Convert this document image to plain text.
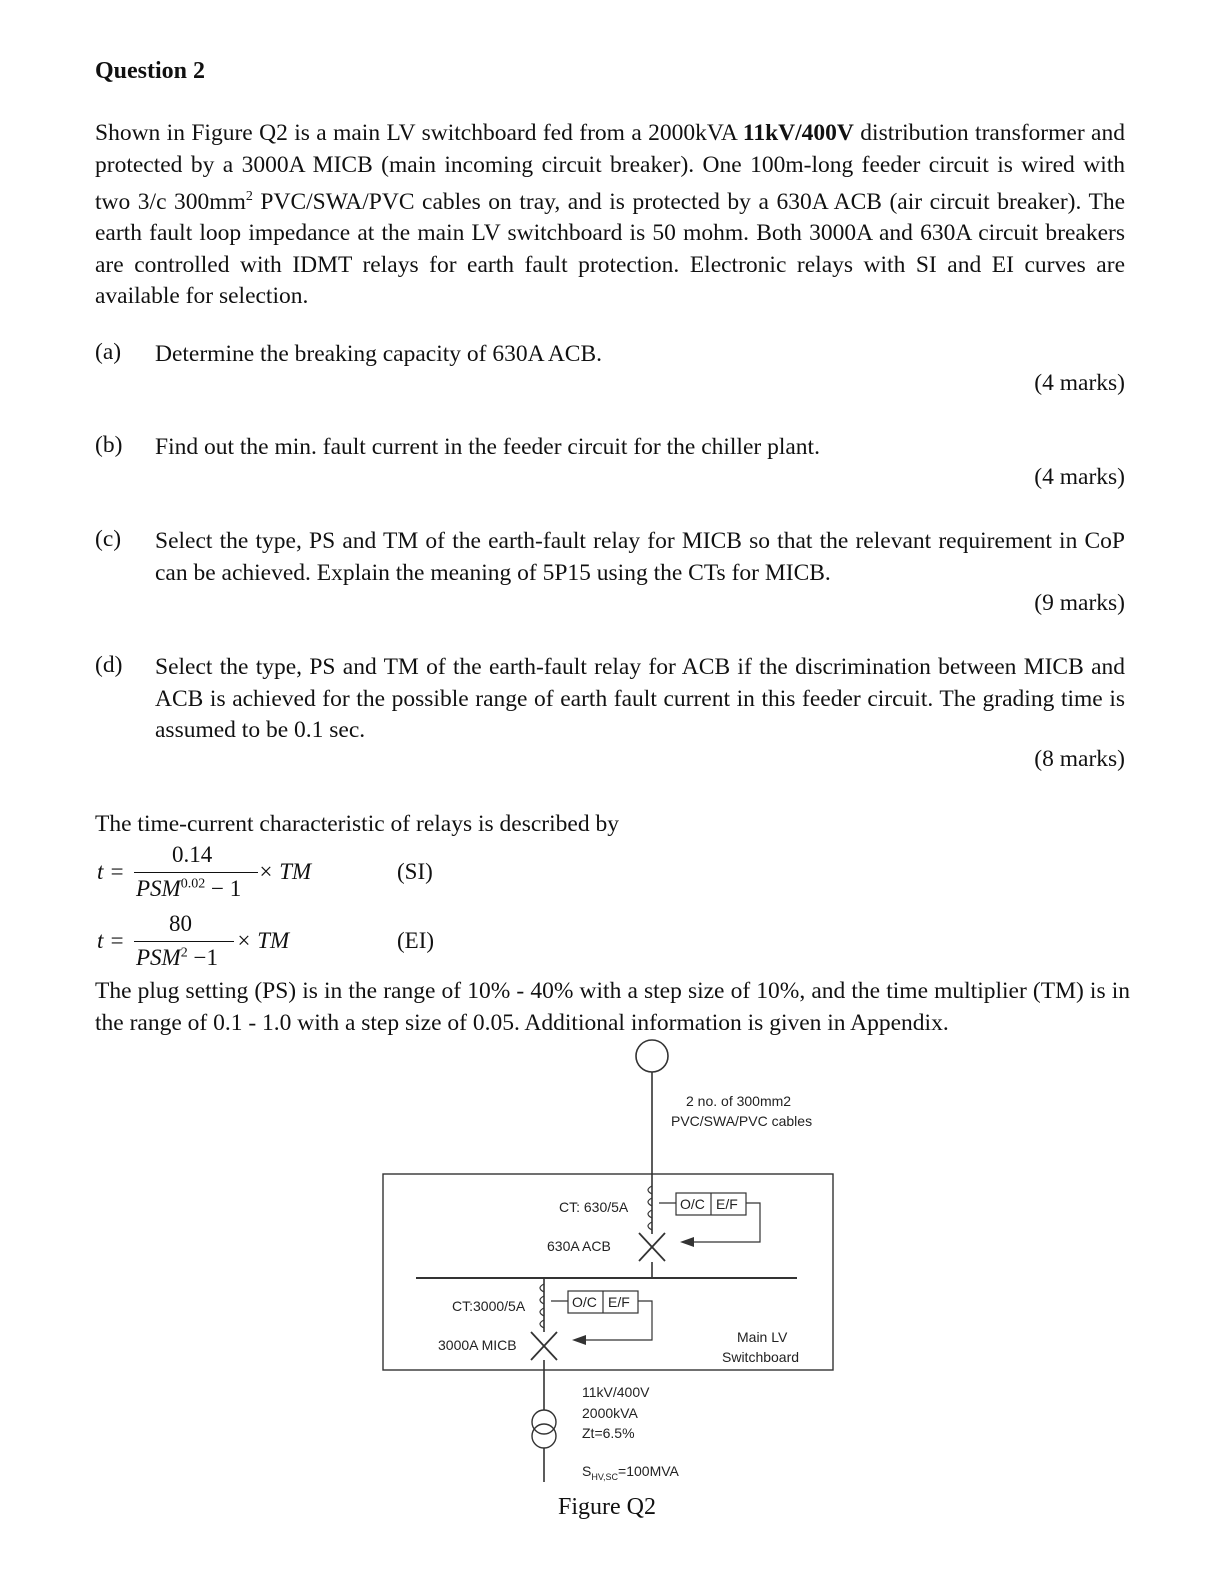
Question 2
Shown in Figure Q2 is a main LV switchboard fed from a 2000kVA 11kV/400V distribution transformer and protected by a 3000A MICB (main incoming circuit breaker). One 100m-long feeder circuit is wired with two 3/c $300mm^2$ PVC/SWA/PVC cables on tray, and is protected by a 630A ACB (air circuit breaker). The earth fault loop impedance at the main LV switchboard is 50 mohm. Both 3000A and 630A circuit breakers are controlled with IDMT relays for earth fault protection. Electronic relays with SI and EI curves are available for selection.
(a) Determine the breaking capacity of 630A ACB.
(4 marks)
(b) Find out the min. fault current in the feeder circuit for the chiller plant.
(4 marks)
(c) Select the type, PS and TM of the earth-fault relay for MICB so that the relevant requirement in CoP can be achieved. Explain the meaning of 5P15 using the CTs for MICB.
(9 marks)
(d) Select the type, PS and TM of the earth-fault relay for ACB if the discrimination between MICB and ACB is achieved for the possible range of earth fault current in this feeder circuit. The grading time is assumed to be 0.1 sec.
(8 marks)
The time-current characteristic of relays is described by
t =
0.14
$PSM^{0.02} - 1$
× TM	(SI)
t =
80
$PSM^2 -1$
× TM	(EI)
The plug setting (PS) is in the range of 10% - 40% with a step size of 10%, and the time multiplier (TM) is in the range of 0.1 - 1.0 with a step size of 0.05. Additional information is given in Appendix.
2 no. of 300mm2
PVC/SWA/PVC cables
CT: 630/5A	O/C E/F
630A ACB
CT:3000/5A	O/C E/F
3000A MICB	Main LV
Switchboard
11kV/400V
2000kVA
Zt=6.5%
$S_{HV,SC}=100MVA$
Figure Q2
